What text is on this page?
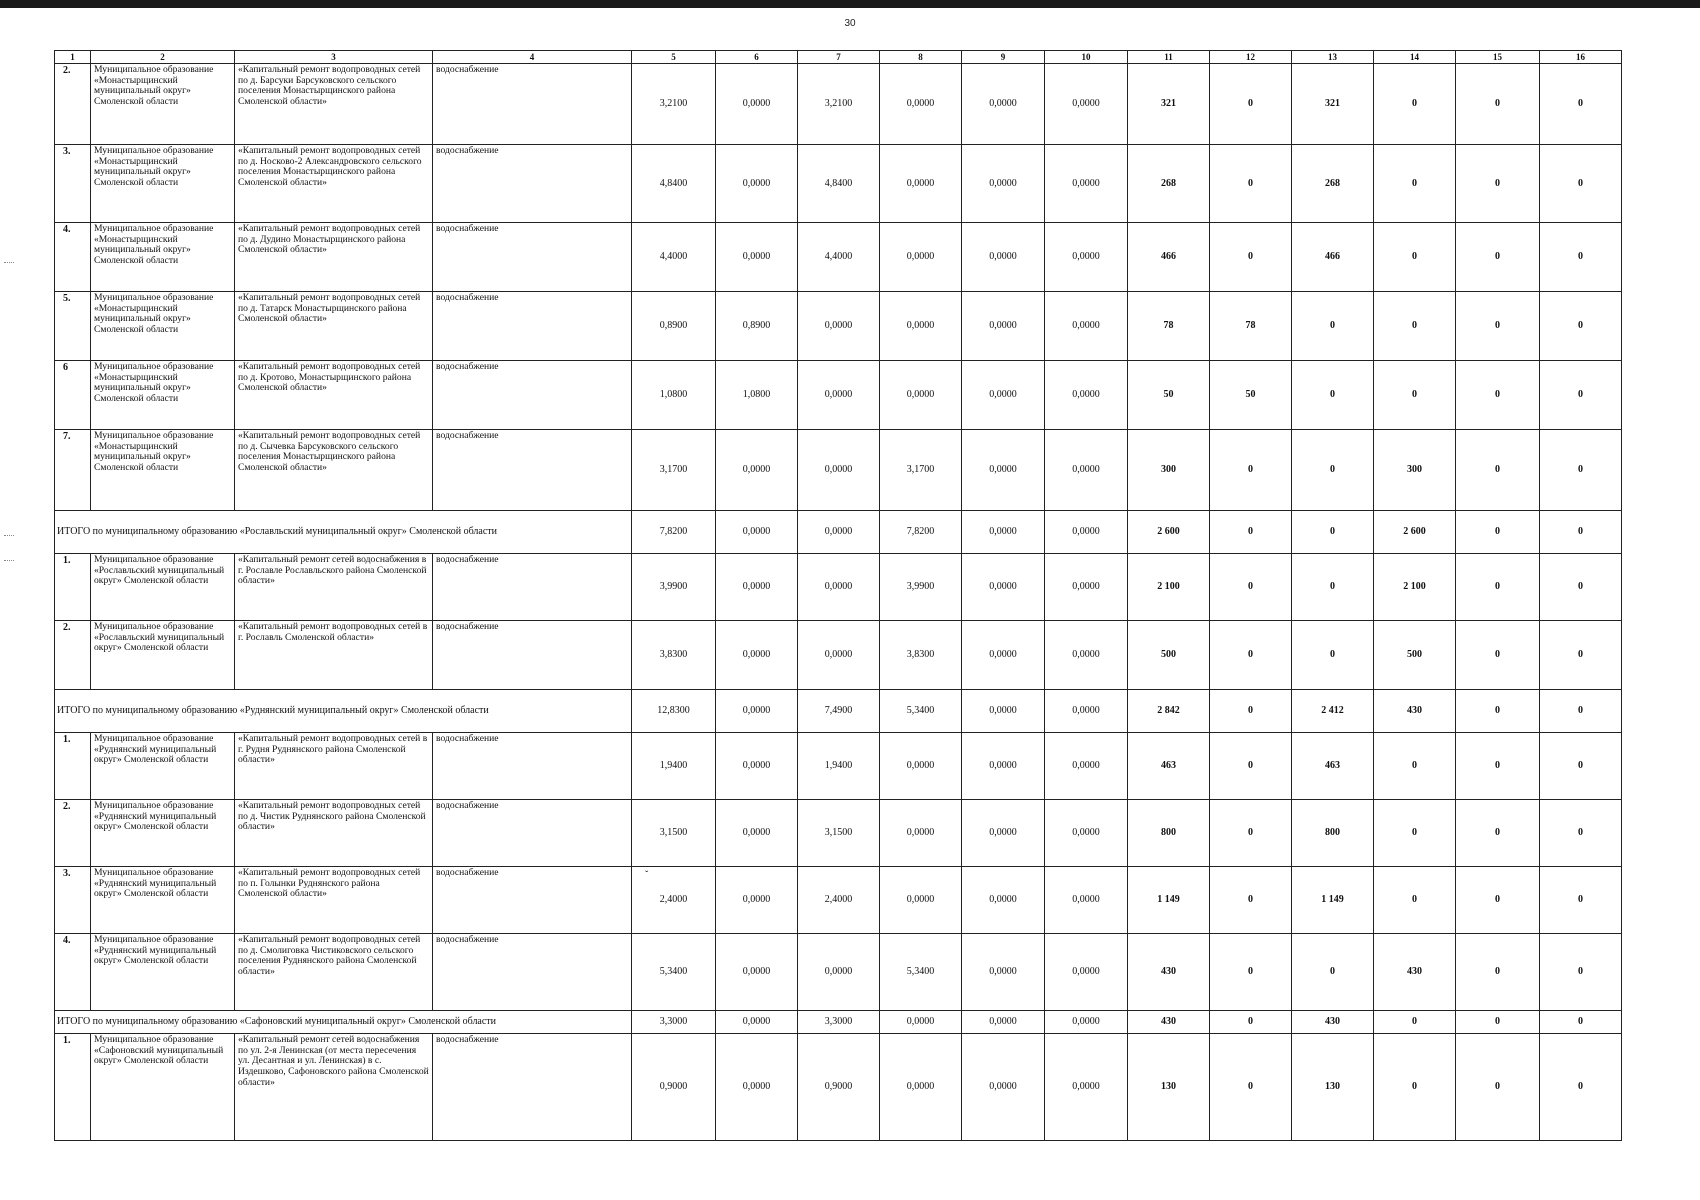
30
1	2	3	4	5	6	7	8	9	10	11	12	13	14	15	16
2.	Муниципальное образование «Монастырщинский муниципальный округ» Смоленской области	«Капитальный ремонт водопроводных сетей по д. Барсуки Барсуковского сельского поселения Монастырщинского района Смоленской области»	водоснабжение	3,2100	0,0000	3,2100	0,0000	0,0000	0,0000	321	0	321	0	0	0
3.	Муниципальное образование «Монастырщинский муниципальный округ» Смоленской области	«Капитальный ремонт водопроводных сетей по д. Носково-2 Александровского сельского поселения Монастырщинского района Смоленской области»	водоснабжение	4,8400	0,0000	4,8400	0,0000	0,0000	0,0000	268	0	268	0	0	0
4.	Муниципальное образование «Монастырщинский муниципальный округ» Смоленской области	«Капитальный ремонт водопроводных сетей по д. Дудино Монастырщинского района Смоленской области»	водоснабжение	4,4000	0,0000	4,4000	0,0000	0,0000	0,0000	466	0	466	0	0	0
5.	Муниципальное образование «Монастырщинский муниципальный округ» Смоленской области	«Капитальный ремонт водопроводных сетей по д. Татарск Монастырщинского района Смоленской области»	водоснабжение	0,8900	0,8900	0,0000	0,0000	0,0000	0,0000	78	78	0	0	0	0
6	Муниципальное образование «Монастырщинский муниципальный округ» Смоленской области	«Капитальный ремонт водопроводных сетей по д. Кротово, Монастырщинского района Смоленской области»	водоснабжение	1,0800	1,0800	0,0000	0,0000	0,0000	0,0000	50	50	0	0	0	0
7.	Муниципальное образование «Монастырщинский муниципальный округ» Смоленской области	«Капитальный ремонт водопроводных сетей по д. Сычевка Барсуковского сельского поселения Монастырщинского района Смоленской области»	водоснабжение	3,1700	0,0000	0,0000	3,1700	0,0000	0,0000	300	0	0	300	0	0
ИТОГО по муниципальному образованию «Рославльский муниципальный округ» Смоленской области				7,8200	0,0000	0,0000	7,8200	0,0000	0,0000	2 600	0	0	2 600	0	0
1.	Муниципальное образование «Рославльский муниципальный округ» Смоленской области	«Капитальный ремонт сетей водоснабжения в г. Рославле Рославльского района Смоленской области»	водоснабжение	3,9900	0,0000	0,0000	3,9900	0,0000	0,0000	2 100	0	0	2 100	0	0
2.	Муниципальное образование «Рославльский муниципальный округ» Смоленской области	«Капитальный ремонт водопроводных сетей в г. Рославль Смоленской области»	водоснабжение	3,8300	0,0000	0,0000	3,8300	0,0000	0,0000	500	0	0	500	0	0
ИТОГО по муниципальному образованию «Руднянский муниципальный округ» Смоленской области				12,8300	0,0000	7,4900	5,3400	0,0000	0,0000	2 842	0	2 412	430	0	0
1.	Муниципальное образование «Руднянский муниципальный округ» Смоленской области	«Капитальный ремонт водопроводных сетей в г. Рудня Руднянского района Смоленской области»	водоснабжение	1,9400	0,0000	1,9400	0,0000	0,0000	0,0000	463	0	463	0	0	0
2.	Муниципальное образование «Руднянский муниципальный округ» Смоленской области	«Капитальный ремонт водопроводных сетей по д. Чистик Руднянского района Смоленской области»	водоснабжение	3,1500	0,0000	3,1500	0,0000	0,0000	0,0000	800	0	800	0	0	0
3.	Муниципальное образование «Руднянский муниципальный округ» Смоленской области	«Капитальный ремонт водопроводных сетей по п. Голынки Руднянского района Смоленской области»	водоснабжение	2,4000	0,0000	2,4000	0,0000	0,0000	0,0000	1 149	0	1 149	0	0	0
4.	Муниципальное образование «Руднянский муниципальный округ» Смоленской области	«Капитальный ремонт водопроводных сетей по д. Смолиговка Чистиковского сельского поселения Руднянского района Смоленской области»	водоснабжение	5,3400	0,0000	0,0000	5,3400	0,0000	0,0000	430	0	0	430	0	0
ИТОГО по муниципальному образованию «Сафоновский муниципальный округ» Смоленской области				3,3000	0,0000	3,3000	0,0000	0,0000	0,0000	430	0	430	0	0	0
1.	Муниципальное образование «Сафоновский муниципальный округ» Смоленской области	«Капитальный ремонт сетей водоснабжения по ул. 2-я Ленинская (от места пересечения ул. Десантная и ул. Ленинская) в с. Издешково, Сафоновского района Смоленской области»	водоснабжение	0,9000	0,0000	0,9000	0,0000	0,0000	0,0000	130	0	130	0	0	0
ˇ
